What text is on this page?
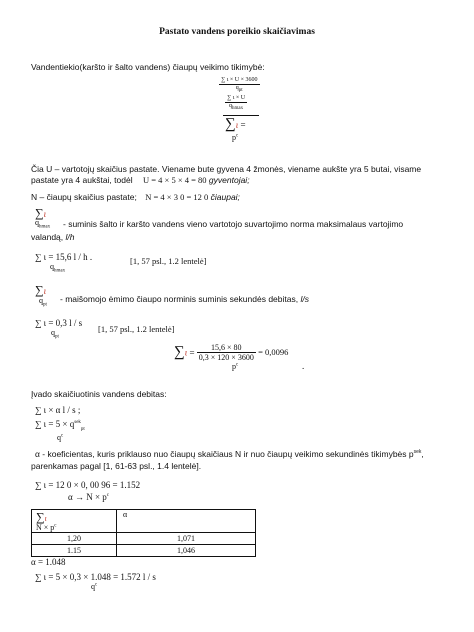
Pastato vandens poreikio skaičiavimas
Vandentiekio(karšto ir šalto vandens) čiaupų veikimo tikimybė:
$\frac{\sum \iota \times U \times 3600}{q_{pt}}$
$\frac{\sum \iota \times U}{q_{hmax}}$
∑ι =
$p^c$
Čia U – vartotojų skaičius pastate. Viename bute gyvena 4 žmonės, viename aukšte yra 5 butai, visame
pastate yra 4 aukštai, todėl U = 4 × 5 × 4 = 80 gyventojai;
N – čiaupų skaičius pastate; N = 4 × 3 0 = 12 0 čiaupai;
∑ι
$q_{hmax}$ - suminis šalto ir karšto vandens vieno vartotojo suvartojimo norma maksimalaus vartojimo
valandą, l/h
∑ ι = 15,6 l / h .
$q_{hmax}$
[1, 57 psl., 1.2 lentelė]
∑ι
$q_{pt}$
- maišomojo ėmimo čiaupo norminis suminis sekundės debitas, l/s
∑ ι = 0,3 l / s
$q_{pt}$
[1, 57 psl., 1.2 lentelė]
$\sum\iota = \frac{15,6 \times 80}{0,3 \times 120 \times 3600} = 0,0096$
$p^c$	.
Įvado skaičiuotinis vandens debitas:
∑ ι × α l / s ;
∑ $\iota = 5 \times q^{sek}_{pt}$
$q^c$
α - koeficientas, kuris priklauso nuo čiaupų skaičiaus N ir nuo čiaupų veikimo sekundinės tikimybės $p^{sek}$,
parenkamas pagal [1, 61-63 psl., 1.4 lentelė].
∑ ι = 12 0 × 0, 00 96 = 1.152
$\alpha \to N \times p^c$
∑ι
$N \times p^c$	α
1,20	1,071
1.15	1,046
α = 1.048
∑ ι = 5 × 0,3 × 1.048 = 1.572 l / s
$q^c$
